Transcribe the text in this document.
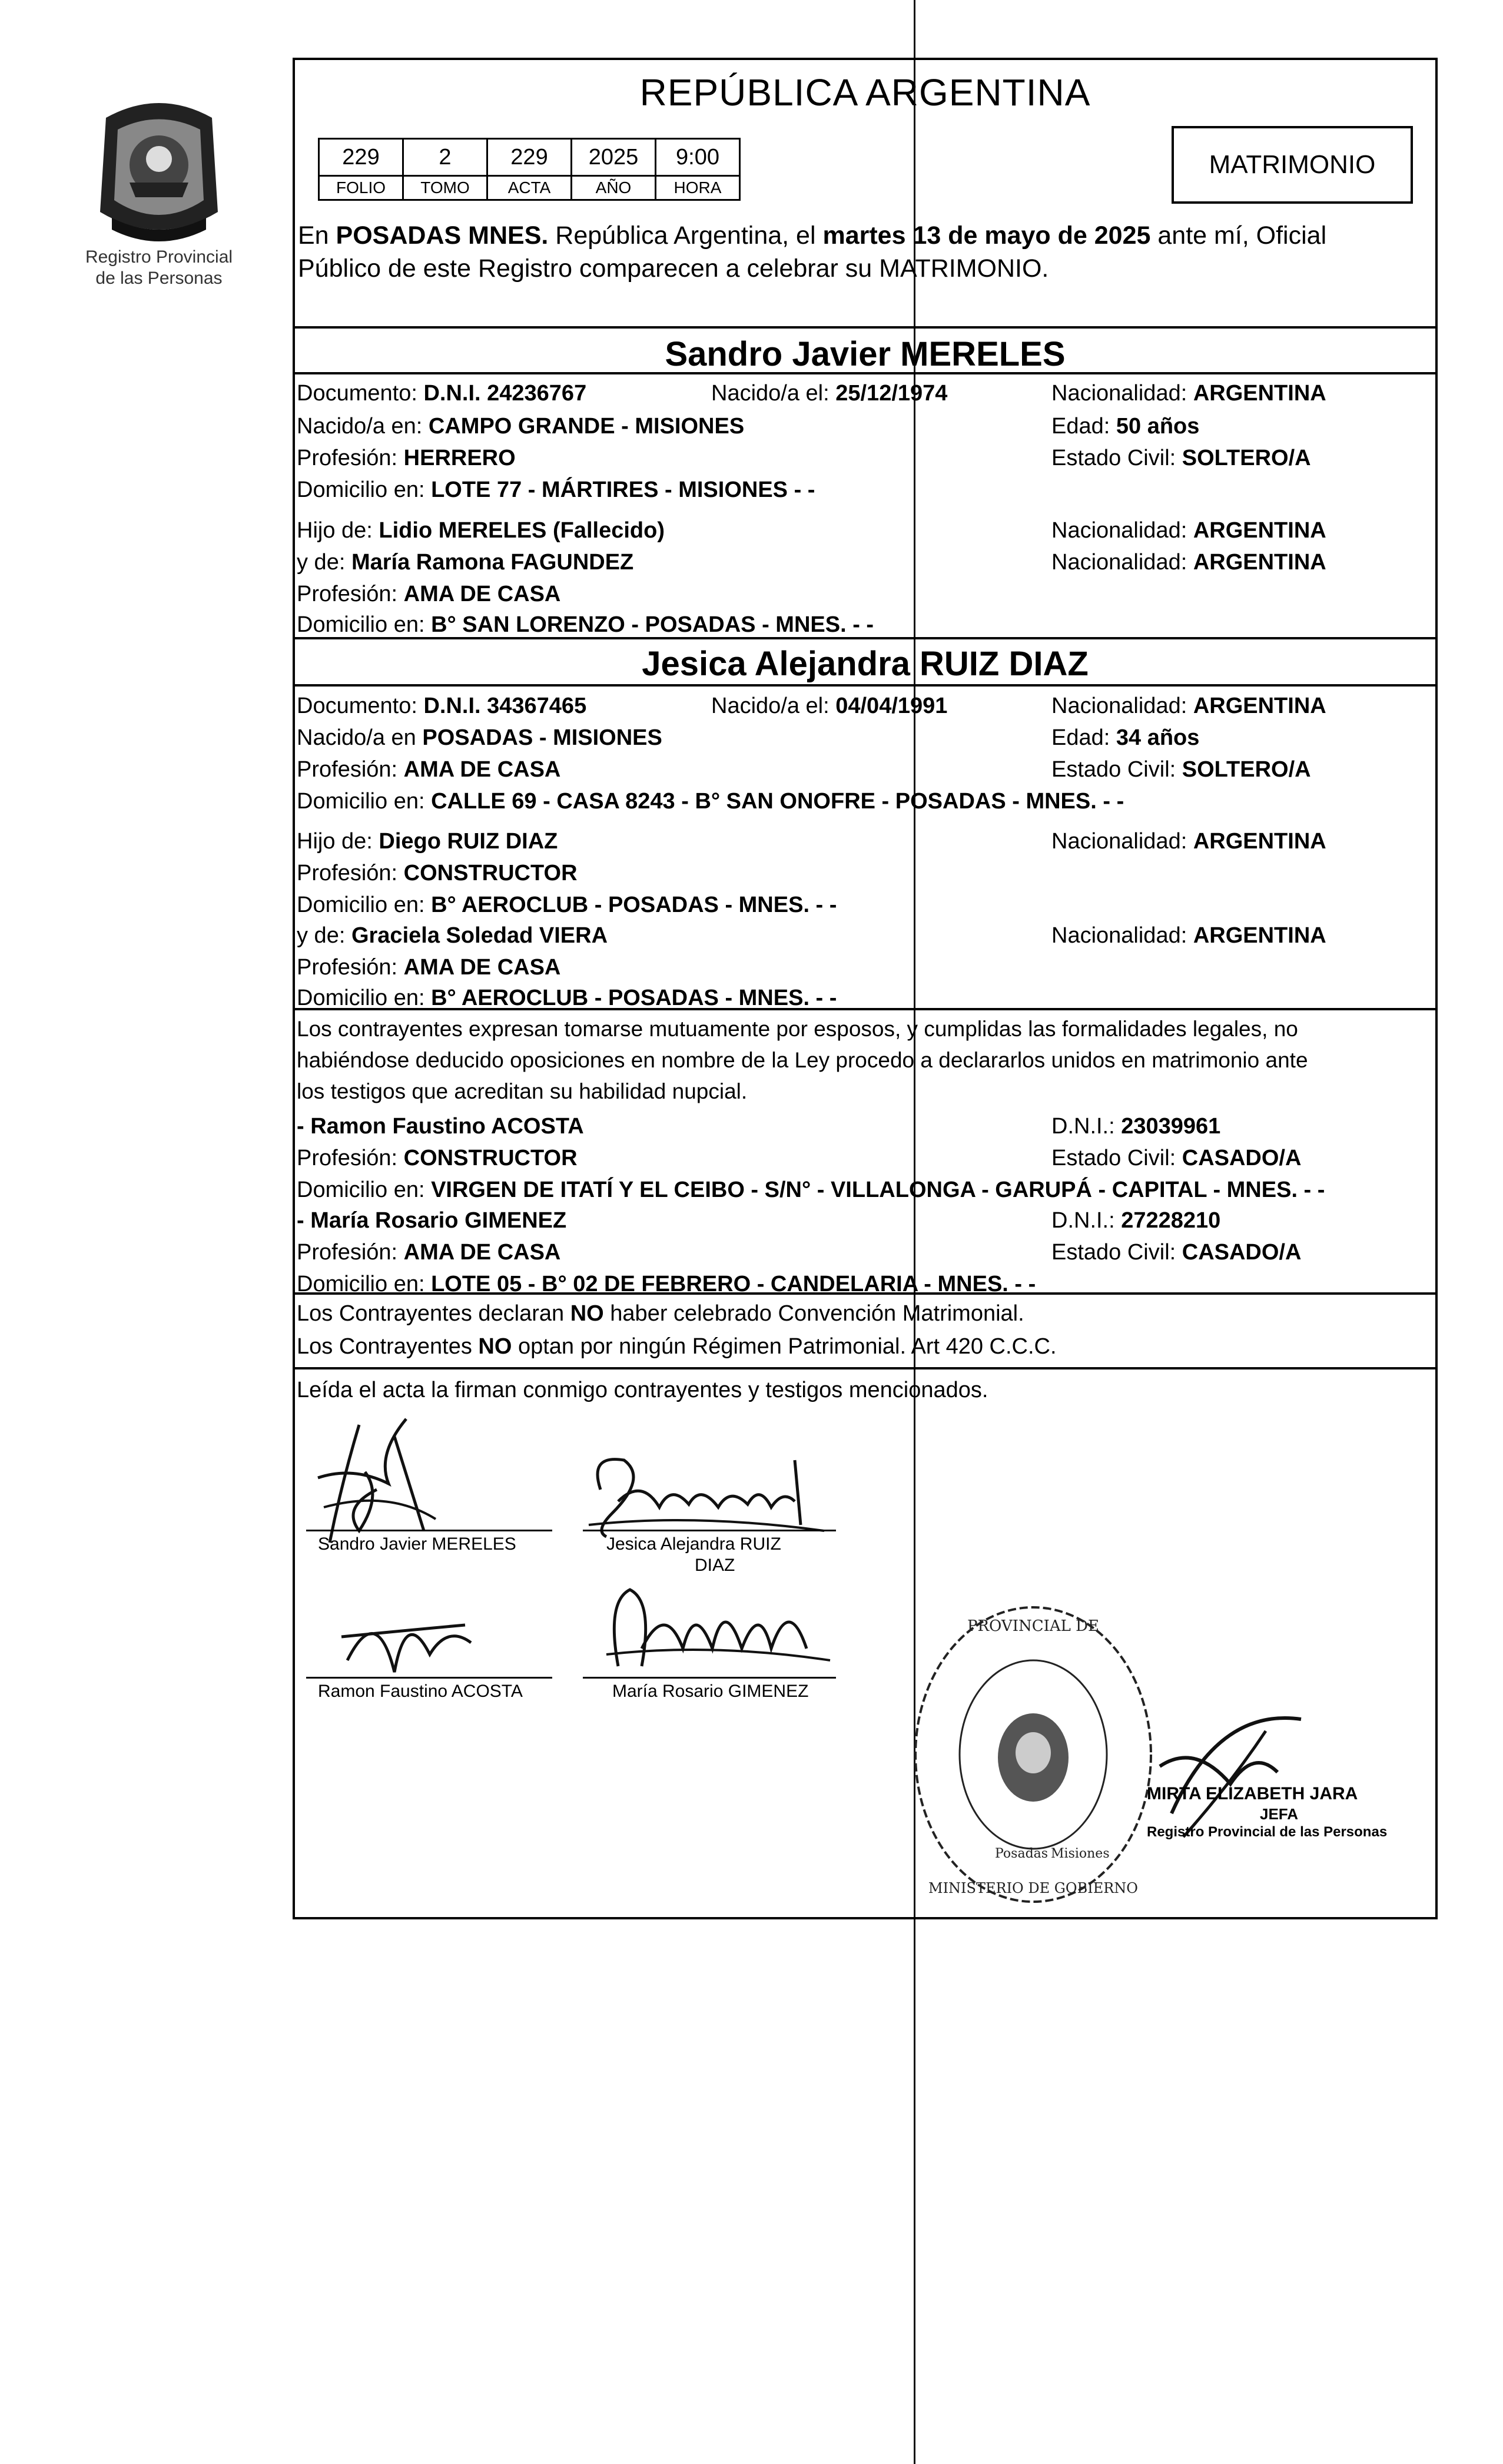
Registro Provincial
de las Personas
REPÚBLICA ARGENTINA
229	2	229	2025	9:00
FOLIO	TOMO	ACTA	AÑO	HORA
MATRIMONIO
En POSADAS MNES. República Argentina, el martes 13 de mayo de 2025 ante mí, Oficial
Público de este Registro comparecen a celebrar su MATRIMONIO.
Sandro Javier MERELES
Documento: D.N.I. 24236767	Nacido/a el: 25/12/1974	Nacionalidad: ARGENTINA
Nacido/a en: CAMPO GRANDE - MISIONES	Edad: 50 años
Profesión: HERRERO	Estado Civil: SOLTERO/A
Domicilio en: LOTE 77 - MÁRTIRES - MISIONES - -
Hijo de: Lidio MERELES (Fallecido)	Nacionalidad: ARGENTINA
y de: María Ramona FAGUNDEZ	Nacionalidad: ARGENTINA
Profesión: AMA DE CASA
Domicilio en: B° SAN LORENZO - POSADAS - MNES. - -
Jesica Alejandra RUIZ DIAZ
Documento: D.N.I. 34367465	Nacido/a el: 04/04/1991	Nacionalidad: ARGENTINA
Nacido/a en POSADAS - MISIONES	Edad: 34 años
Profesión: AMA DE CASA	Estado Civil: SOLTERO/A
Domicilio en: CALLE 69 - CASA 8243 - B° SAN ONOFRE - POSADAS - MNES. - -
Hijo de: Diego RUIZ DIAZ	Nacionalidad: ARGENTINA
Profesión: CONSTRUCTOR
Domicilio en: B° AEROCLUB - POSADAS - MNES. - -
y de: Graciela Soledad VIERA	Nacionalidad: ARGENTINA
Profesión: AMA DE CASA
Domicilio en: B° AEROCLUB - POSADAS - MNES. - -
Los contrayentes expresan tomarse mutuamente por esposos, y cumplidas las formalidades legales, no
habiéndose deducido oposiciones en nombre de la Ley procedo a declararlos unidos en matrimonio ante
los testigos que acreditan su habilidad nupcial.
- Ramon Faustino ACOSTA	D.N.I.: 23039961
Profesión: CONSTRUCTOR	Estado Civil: CASADO/A
Domicilio en: VIRGEN DE ITATÍ Y EL CEIBO - S/N° - VILLALONGA - GARUPÁ - CAPITAL - MNES. - -
- María Rosario GIMENEZ	D.N.I.: 27228210
Profesión: AMA DE CASA	Estado Civil: CASADO/A
Domicilio en: LOTE 05 - B° 02 DE FEBRERO - CANDELARIA - MNES. - -
Los Contrayentes declaran NO haber celebrado Convención Matrimonial.
Los Contrayentes NO optan por ningún Régimen Patrimonial. Art 420 C.C.C.
Leída el acta la firman conmigo contrayentes y testigos mencionados.
Sandro Javier MERELES	Jesica Alejandra RUIZ
DIAZ
Ramon Faustino ACOSTA	María Rosario GIMENEZ
PROVINCIAL DE
MINISTERIO DE GOBIERNO
Posadas Misiones
MIRTA ELIZABETH JARA
JEFA
Registro Provincial de las Personas
